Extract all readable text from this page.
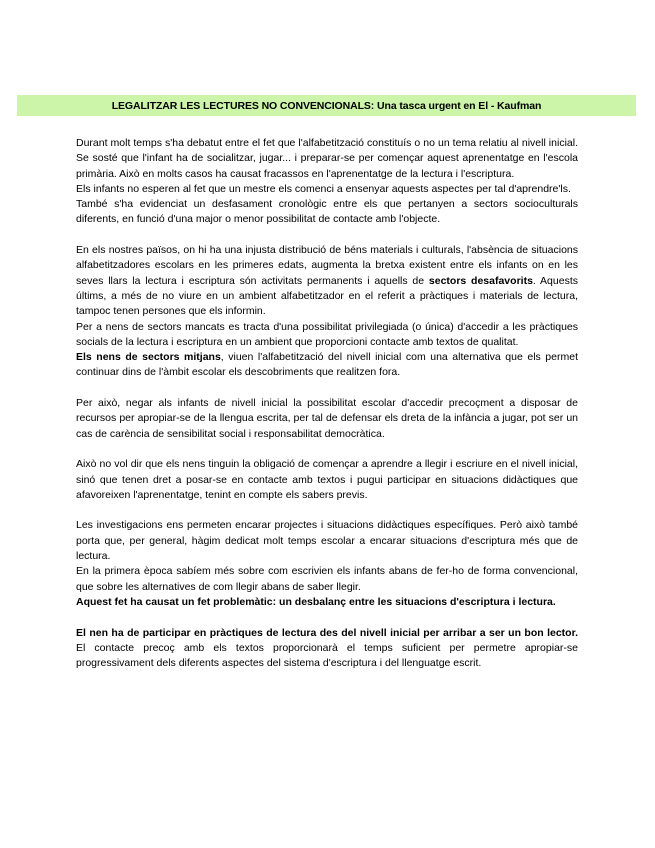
LEGALITZAR LES LECTURES NO CONVENCIONALS: Una tasca urgent en El - Kaufman

Durant molt temps s'ha debatut entre el fet que l'alfabetització constituís o no un tema relatiu al nivell inicial. Se sosté que l'infant ha de socialitzar, jugar... i preparar-se per començar aquest aprenentatge en l'escola primària. Això en molts casos ha causat fracassos en l'aprenentatge de la lectura i l'escriptura.

Els infants no esperen al fet que un mestre els comenci a ensenyar aquests aspectes per tal d'aprendre'ls.

També s'ha evidenciat un desfasament cronològic entre els que pertanyen a sectors socioculturals diferents, en funció d'una major o menor possibilitat de contacte amb l'objecte.

En els nostres països, on hi ha una injusta distribució de béns materials i culturals, l'absència de situacions alfabetitzadores escolars en les primeres edats, augmenta la bretxa existent entre els infants on en les seves llars la lectura i escriptura són activitats permanents i aquells de sectors desafavorits. Aquests últims, a més de no viure en un ambient alfabetitzador en el referit a pràctiques i materials de lectura, tampoc tenen persones que els informin.

Per a nens de sectors mancats es tracta d'una possibilitat privilegiada (o única) d'accedir a les pràctiques socials de la lectura i escriptura en un ambient que proporcioni contacte amb textos de qualitat.

Els nens de sectors mitjans, viuen l'alfabetització del nivell inicial com una alternativa que els permet continuar dins de l'àmbit escolar els descobriments que realitzen fora.

Per això, negar als infants de nivell inicial la possibilitat escolar d'accedir precoçment a disposar de recursos per apropiar-se de la llengua escrita, per tal de defensar els dreta de la infància a jugar, pot ser un cas de carència de sensibilitat social i responsabilitat democràtica.

Això no vol dir que els nens tinguin la obligació de començar a aprendre a llegir i escriure en el nivell inicial, sinó que tenen dret a posar-se en contacte amb textos i pugui participar en situacions didàctiques que afavoreixen l'aprenentatge, tenint en compte els sabers previs.

Les investigacions ens permeten encarar projectes i situacions didàctiques específiques. Però això també porta que, per general, hàgim dedicat molt temps escolar a encarar situacions d'escriptura més que de lectura.

En la primera època sabíem més sobre com escrivien els infants abans de fer-ho de forma convencional, que sobre les alternatives de com llegir abans de saber llegir.

Aquest fet ha causat un fet problemàtic: un desbalanç entre les situacions d'escriptura i lectura.

El nen ha de participar en pràctiques de lectura des del nivell inicial per arribar a ser un bon lector. El contacte precoç amb els textos proporcionarà el temps suficient per permetre apropiar-se progressivament dels diferents aspectes del sistema d'escriptura i del llenguatge escrit.
